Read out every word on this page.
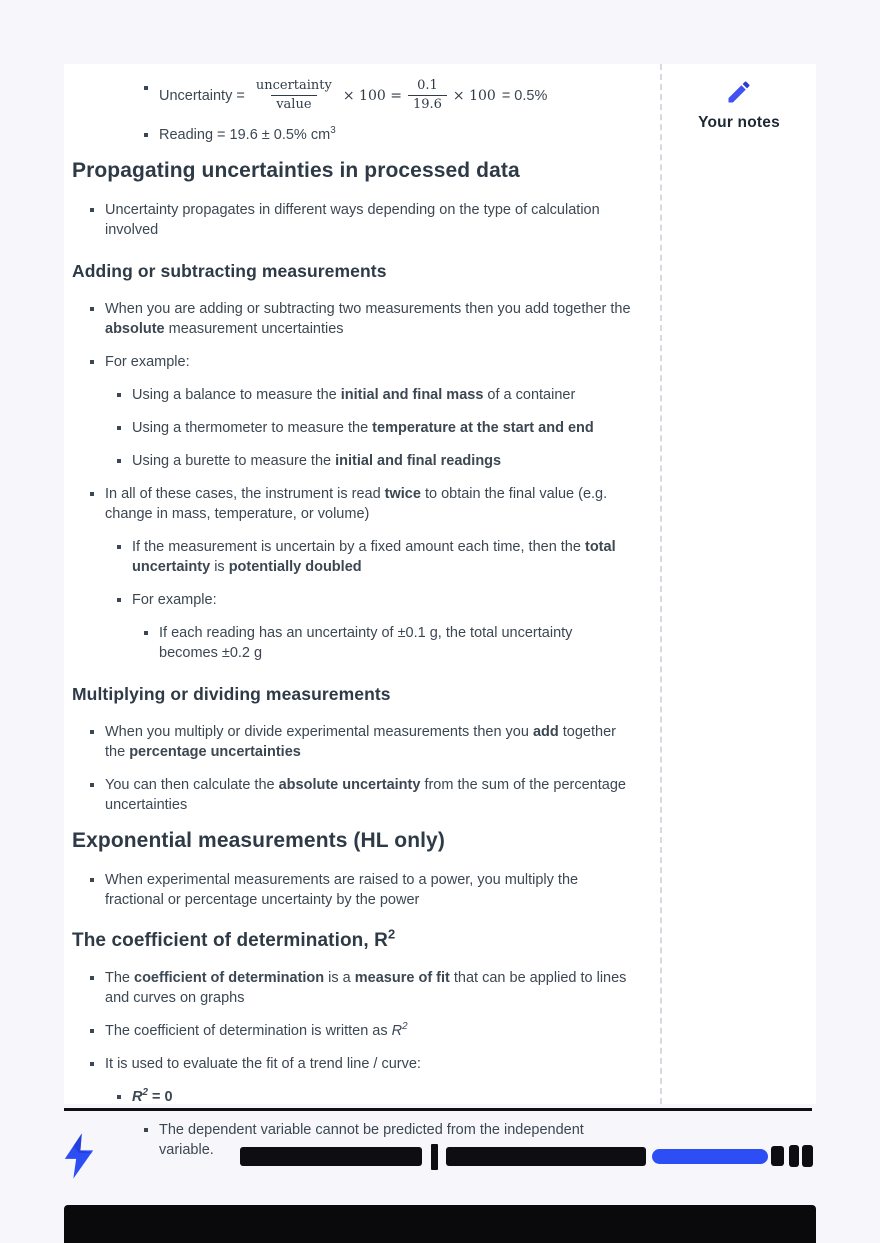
Uncertainty = $\frac{\text{uncertainty}}{\text{value}} \times 100 = \frac{0.1}{19.6} \times 100 = 0.5\%$
Reading = 19.6 ± 0.5% $cm^3$
Propagating uncertainties in processed data
Uncertainty propagates in different ways depending on the type of calculation involved
Adding or subtracting measurements
When you are adding or subtracting two measurements then you add together the absolute measurement uncertainties
For example:
Using a balance to measure the initial and final mass of a container
Using a thermometer to measure the temperature at the start and end
Using a burette to measure the initial and final readings
In all of these cases, the instrument is read twice to obtain the final value (e.g. change in mass, temperature, or volume)
If the measurement is uncertain by a fixed amount each time, then the total uncertainty is potentially doubled
For example:
If each reading has an uncertainty of ±0.1 g, the total uncertainty becomes ±0.2 g
Multiplying or dividing measurements
When you multiply or divide experimental measurements then you add together the percentage uncertainties
You can then calculate the absolute uncertainty from the sum of the percentage uncertainties
Exponential measurements (HL only)
When experimental measurements are raised to a power, you multiply the fractional or percentage uncertainty by the power
The coefficient of determination, $R^2$
The coefficient of determination is a measure of fit that can be applied to lines and curves on graphs
The coefficient of determination is written as $R^2$
It is used to evaluate the fit of a trend line / curve:
$R^2 = 0$
The dependent variable cannot be predicted from the independent variable.
Your notes
